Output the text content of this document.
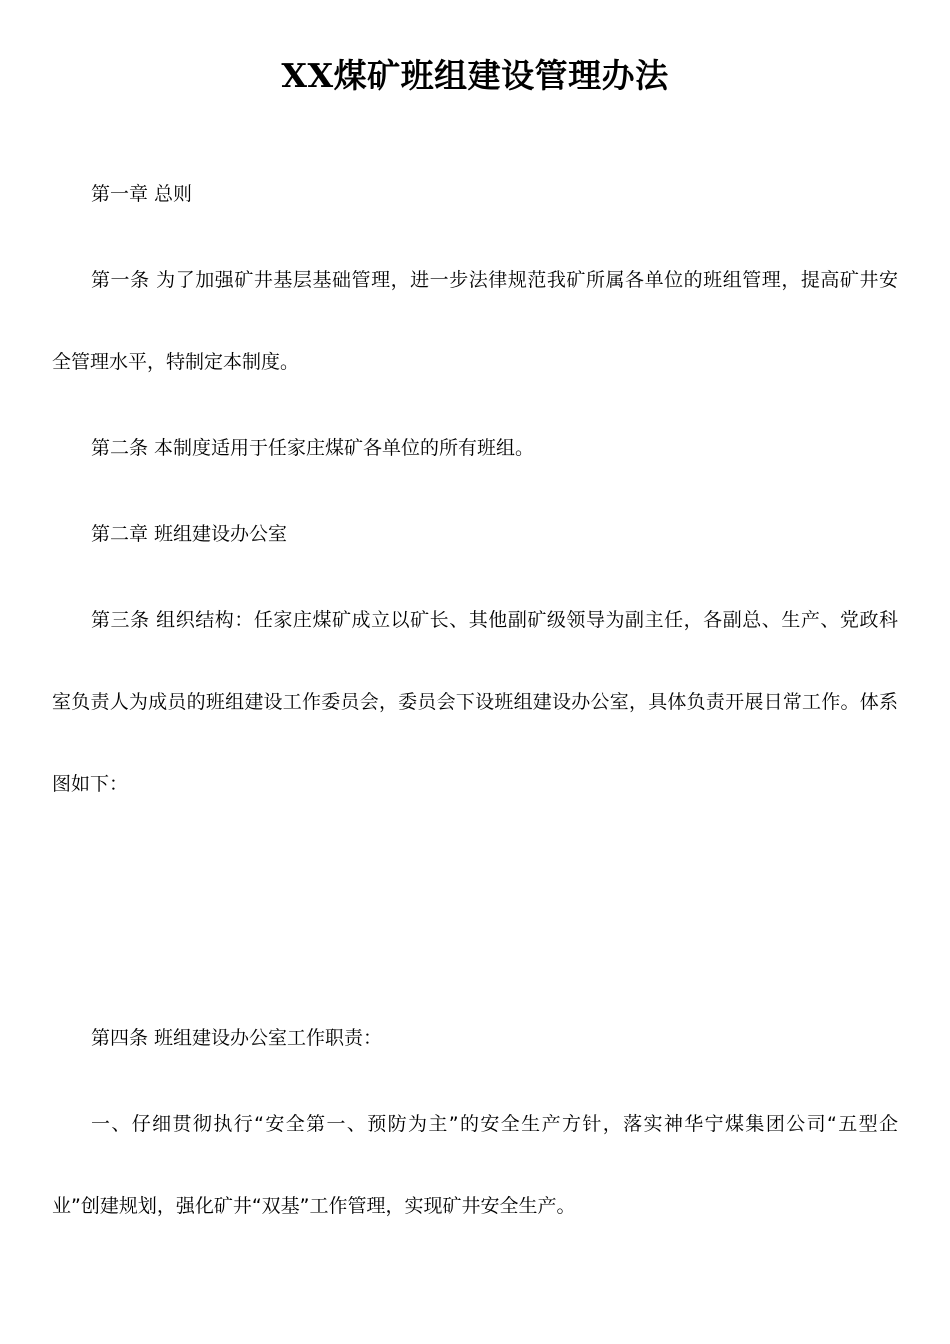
XX煤矿班组建设管理办法
第一章 总则
第一条 为了加强矿井基层基础管理，进一步法律规范我矿所属各单位的班组管理，提高矿井安
全管理水平，特制定本制度。
第二条 本制度适用于任家庄煤矿各单位的所有班组。
第二章 班组建设办公室
第三条 组织结构：任家庄煤矿成立以矿长、其他副矿级领导为副主任，各副总、生产、党政科
室负责人为成员的班组建设工作委员会，委员会下设班组建设办公室，具体负责开展日常工作。体系
图如下：
第四条 班组建设办公室工作职责：
一、仔细贯彻执行“安全第一、预防为主”的安全生产方针，落实神华宁煤集团公司“五型企
业”创建规划，强化矿井“双基”工作管理，实现矿井安全生产。
